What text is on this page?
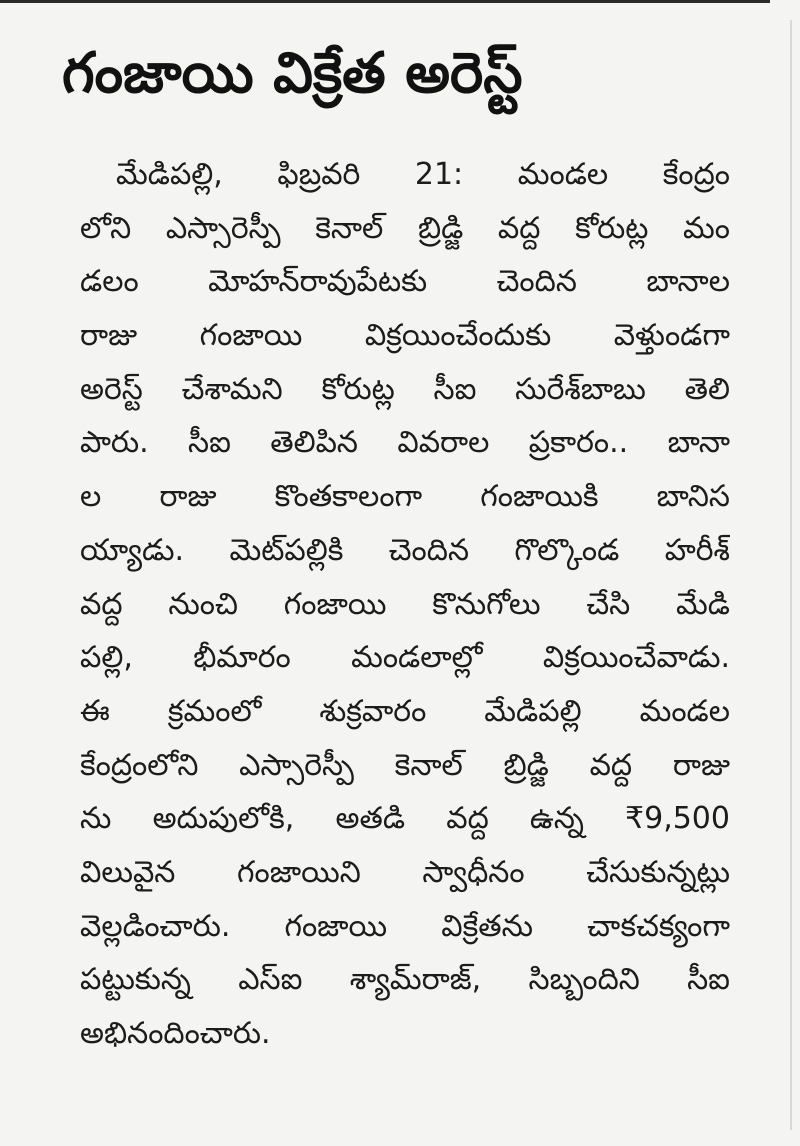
గంజాయి విక్రేత అరెస్ట్
మేడిపల్లి, ఫిబ్రవరి 21: మండల కేంద్రం
లోని ఎస్సారెస్పీ కెనాల్ బ్రిడ్జి వద్ద కోరుట్ల మం
డలం మోహన్‌రావుపేటకు చెందిన బానాల
రాజు గంజాయి విక్రయించేందుకు వెళ్తుండగా
అరెస్ట్ చేశామని కోరుట్ల సీఐ సురేశ్‌బాబు తెలి
పారు. సీఐ తెలిపిన వివరాల ప్రకారం.. బానా
ల రాజు కొంతకాలంగా గంజాయికి బానిస
య్యాడు. మెట్‌పల్లికి చెందిన గొల్కొండ హరీశ్
వద్ద నుంచి గంజాయి కొనుగోలు చేసి మేడి
పల్లి, భీమారం మండలాల్లో విక్రయించేవాడు.
ఈ క్రమంలో శుక్రవారం మేడిపల్లి మండల
కేంద్రంలోని ఎస్సారెస్పీ కెనాల్ బ్రిడ్జి వద్ద రాజు
ను అదుపులోకి, అతడి వద్ద ఉన్న ₹9,500
విలువైన గంజాయిని స్వాధీనం చేసుకున్నట్లు
వెల్లడించారు. గంజాయి విక్రేతను చాకచక్యంగా
పట్టుకున్న ఎస్ఐ శ్యామ్‌రాజ్, సిబ్బందిని సీఐ
అభినందించారు.
